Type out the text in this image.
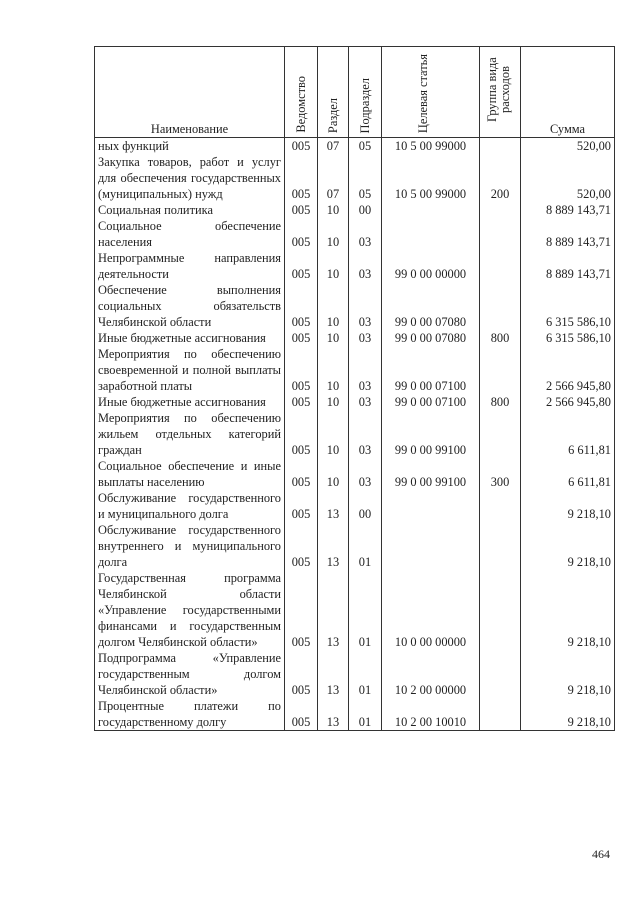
Наименование	Ведомство	Раздел	Подраздел	Целевая статья	Группа вида расходов	Сумма
ных функций	005	07	05	10 5 00 99000		520,00
Закупка товаров, работ и услуг для обеспечения государственных (муниципальных) нужд	005	07	05	10 5 00 99000	200	520,00
Социальная политика	005	10	00			8 889 143,71
Социальное обеспечение населения	005	10	03			8 889 143,71
Непрограммные направления деятельности	005	10	03	99 0 00 00000		8 889 143,71
Обеспечение выполнения социальных обязательств Челябинской области	005	10	03	99 0 00 07080		6 315 586,10
Иные бюджетные ассигнования	005	10	03	99 0 00 07080	800	6 315 586,10
Мероприятия по обеспечению своевременной и полной выплаты заработной платы	005	10	03	99 0 00 07100		2 566 945,80
Иные бюджетные ассигнования	005	10	03	99 0 00 07100	800	2 566 945,80
Мероприятия по обеспечению жильем отдельных категорий граждан	005	10	03	99 0 00 99100		6 611,81
Социальное обеспечение и иные выплаты населению	005	10	03	99 0 00 99100	300	6 611,81
Обслуживание государственного и муниципального долга	005	13	00			9 218,10
Обслуживание государственного внутреннего и муниципального долга	005	13	01			9 218,10
Государственная программа Челябинской области «Управление государственными финансами и государственным долгом Челябинской области»	005	13	01	10 0 00 00000		9 218,10
Подпрограмма «Управление государственным долгом Челябинской области»	005	13	01	10 2 00 00000		9 218,10
Процентные платежи по государственному долгу	005	13	01	10 2 00 10010		9 218,10
464
